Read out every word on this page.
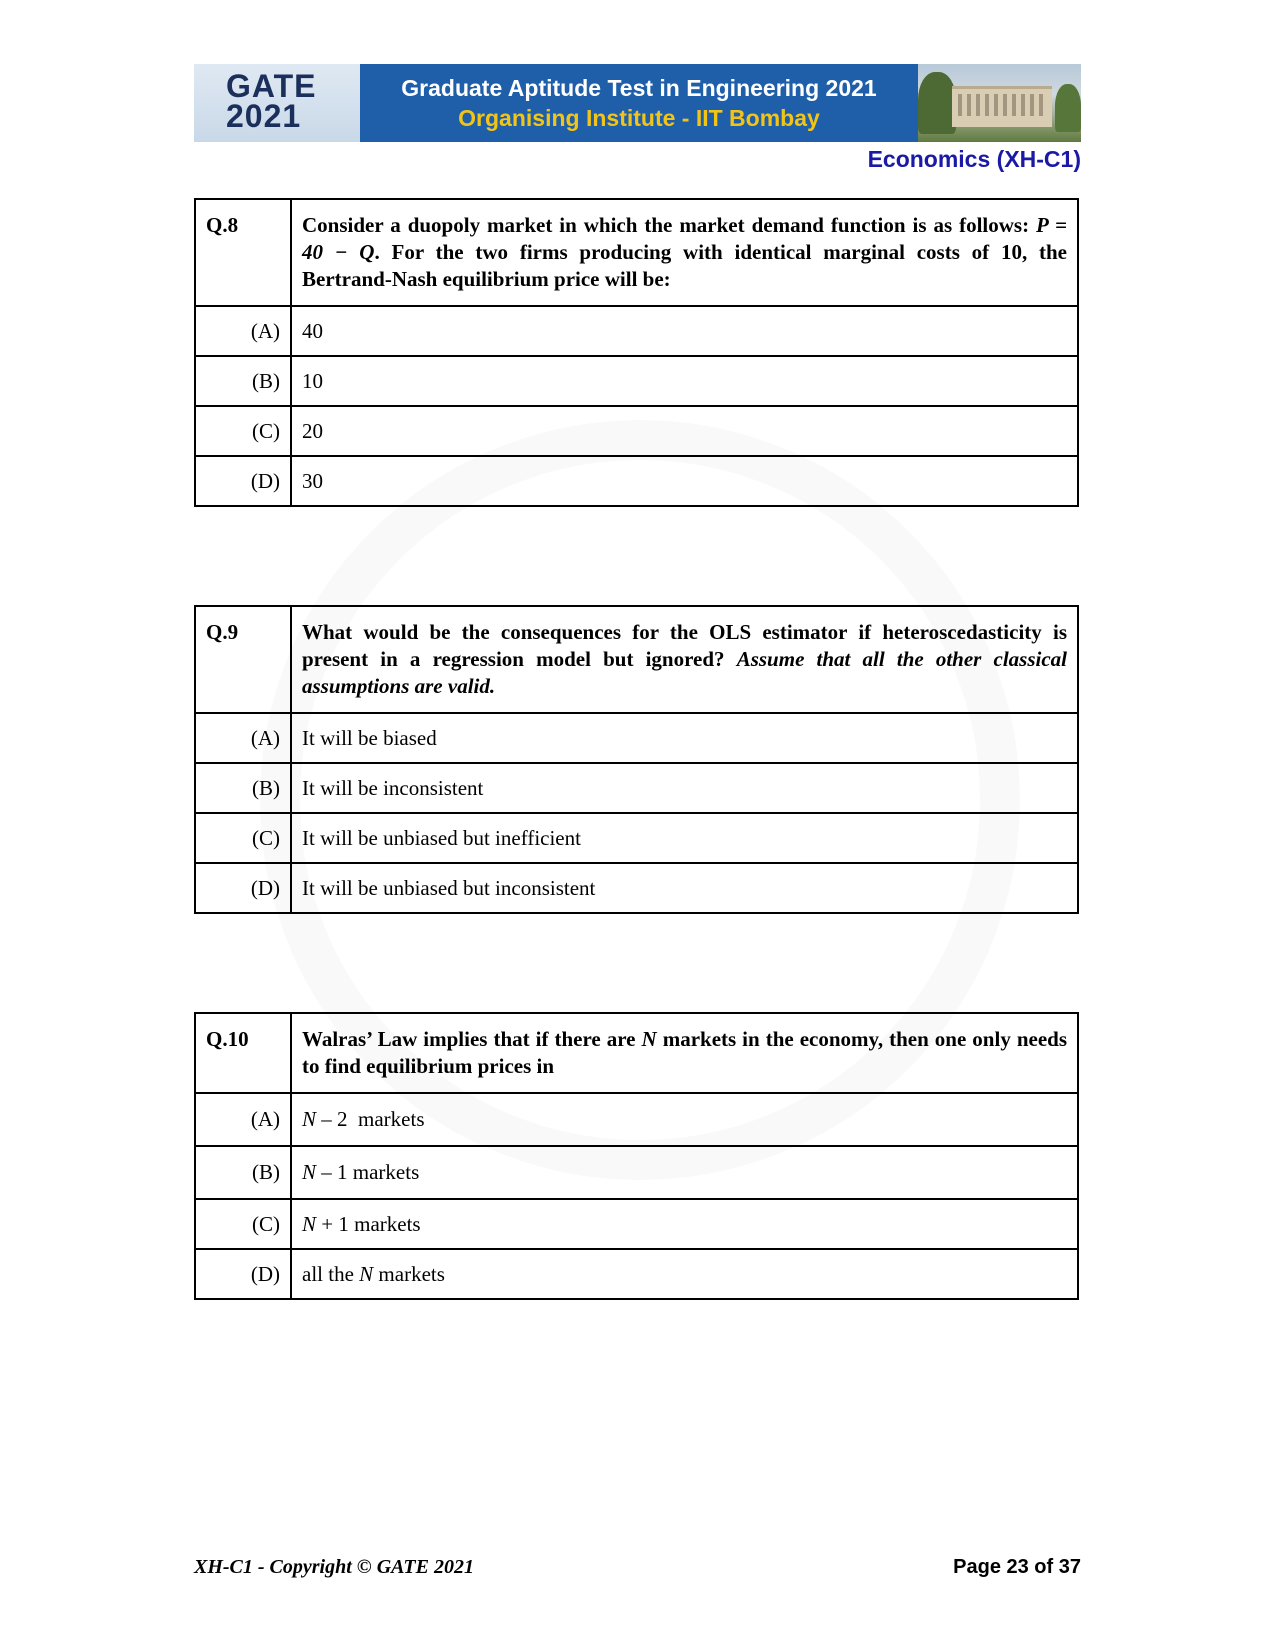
GATE
2021
Graduate Aptitude Test in Engineering 2021
Organising Institute - IIT Bombay
Economics (XH-C1)
Q.8	Consider a duopoly market in which the market demand function is as follows: P = 40 − Q. For the two firms producing with identical marginal costs of 10, the Bertrand-Nash equilibrium price will be:
(A)	40
(B)	10
(C)	20
(D)	30
Q.9	What would be the consequences for the OLS estimator if heteroscedasticity is present in a regression model but ignored? Assume that all the other classical assumptions are valid.
(A)	It will be biased
(B)	It will be inconsistent
(C)	It will be unbiased but inefficient
(D)	It will be unbiased but inconsistent
Q.10	Walras’ Law implies that if there are N markets in the economy, then one only needs to find equilibrium prices in
(A)	N – 2  markets
(B)	N – 1 markets
(C)	N + 1 markets
(D)	all the N markets
XH-C1 - Copyright © GATE 2021	Page 23 of 37
